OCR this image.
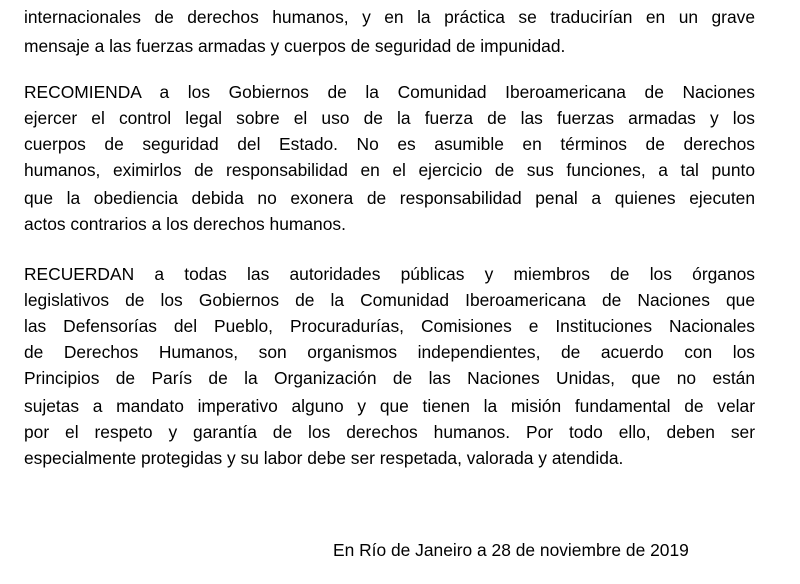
internacionales de derechos humanos, y en la práctica se traducirían en un grave
mensaje a las fuerzas armadas y cuerpos de seguridad de impunidad.
RECOMIENDA a los Gobiernos de la Comunidad Iberoamericana de Naciones
ejercer el control legal sobre el uso de la fuerza de las fuerzas armadas y los
cuerpos de seguridad del Estado. No es asumible en términos de derechos
humanos, eximirlos de responsabilidad en el ejercicio de sus funciones, a tal punto
que la obediencia debida no exonera de responsabilidad penal a quienes ejecuten
actos contrarios a los derechos humanos.
RECUERDAN a todas las autoridades públicas y miembros de los órganos
legislativos de los Gobiernos de la Comunidad Iberoamericana de Naciones que
las Defensorías del Pueblo, Procuradurías, Comisiones e Instituciones Nacionales
de Derechos Humanos, son organismos independientes, de acuerdo con los
Principios de París de la Organización de las Naciones Unidas, que no están
sujetas a mandato imperativo alguno y que tienen la misión fundamental de velar
por el respeto y garantía de los derechos humanos. Por todo ello, deben ser
especialmente protegidas y su labor debe ser respetada, valorada y atendida.
En Río de Janeiro a 28 de noviembre de 2019
